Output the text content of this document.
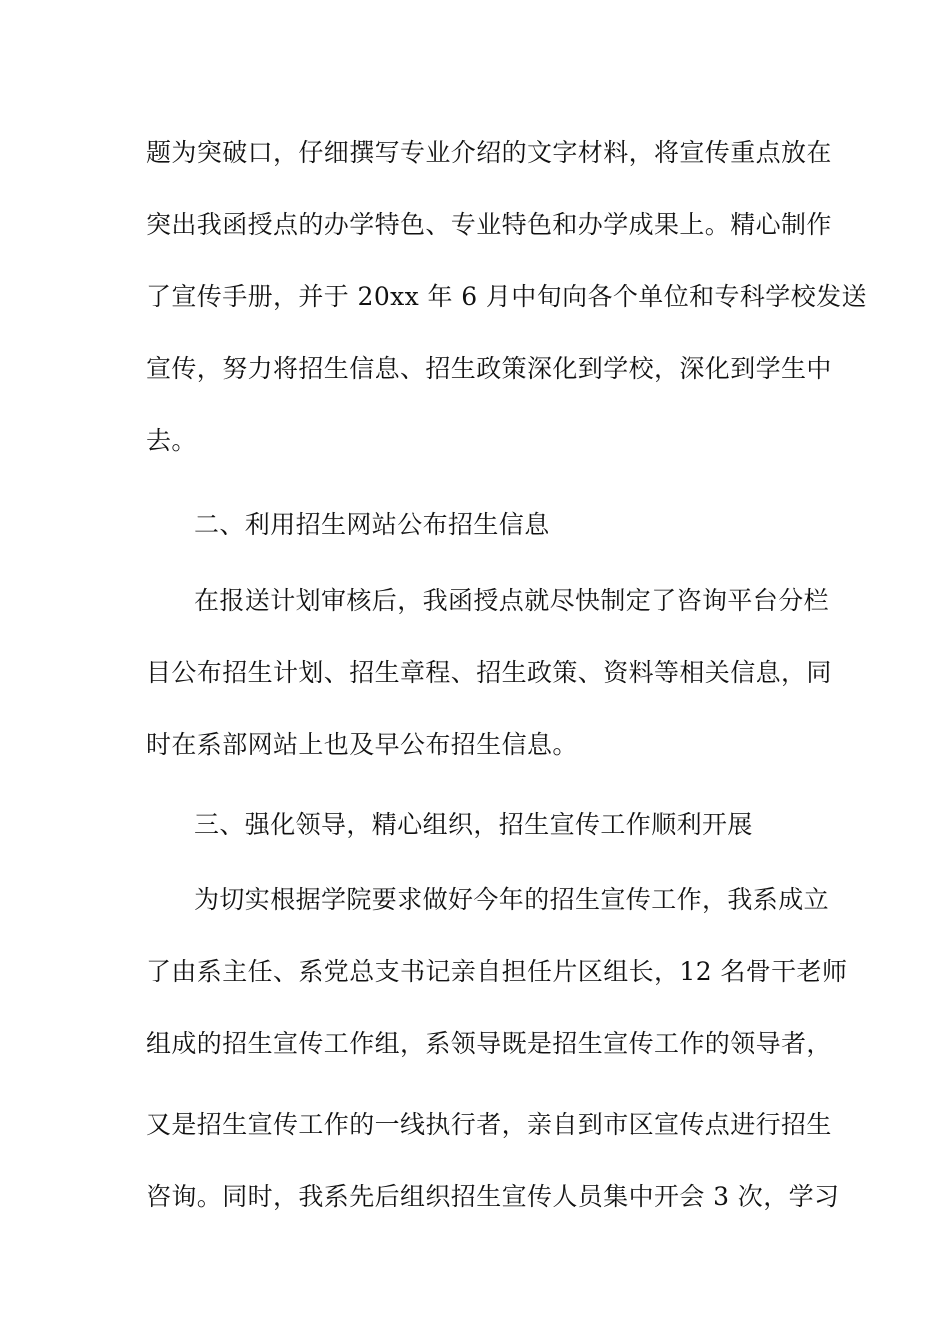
题为突破口，仔细撰写专业介绍的文字材料，将宣传重点放在
突出我函授点的办学特色、专业特色和办学成果上。精心制作
了宣传手册，并于 20xx 年 6 月中旬向各个单位和专科学校发送
宣传，努力将招生信息、招生政策深化到学校，深化到学生中
去。
二、利用招生网站公布招生信息
在报送计划审核后，我函授点就尽快制定了咨询平台分栏
目公布招生计划、招生章程、招生政策、资料等相关信息，同
时在系部网站上也及早公布招生信息。
三、强化领导，精心组织，招生宣传工作顺利开展
为切实根据学院要求做好今年的招生宣传工作，我系成立
了由系主任、系党总支书记亲自担任片区组长，12 名骨干老师
组成的招生宣传工作组，系领导既是招生宣传工作的领导者，
又是招生宣传工作的一线执行者，亲自到市区宣传点进行招生
咨询。同时，我系先后组织招生宣传人员集中开会 3 次，学习
